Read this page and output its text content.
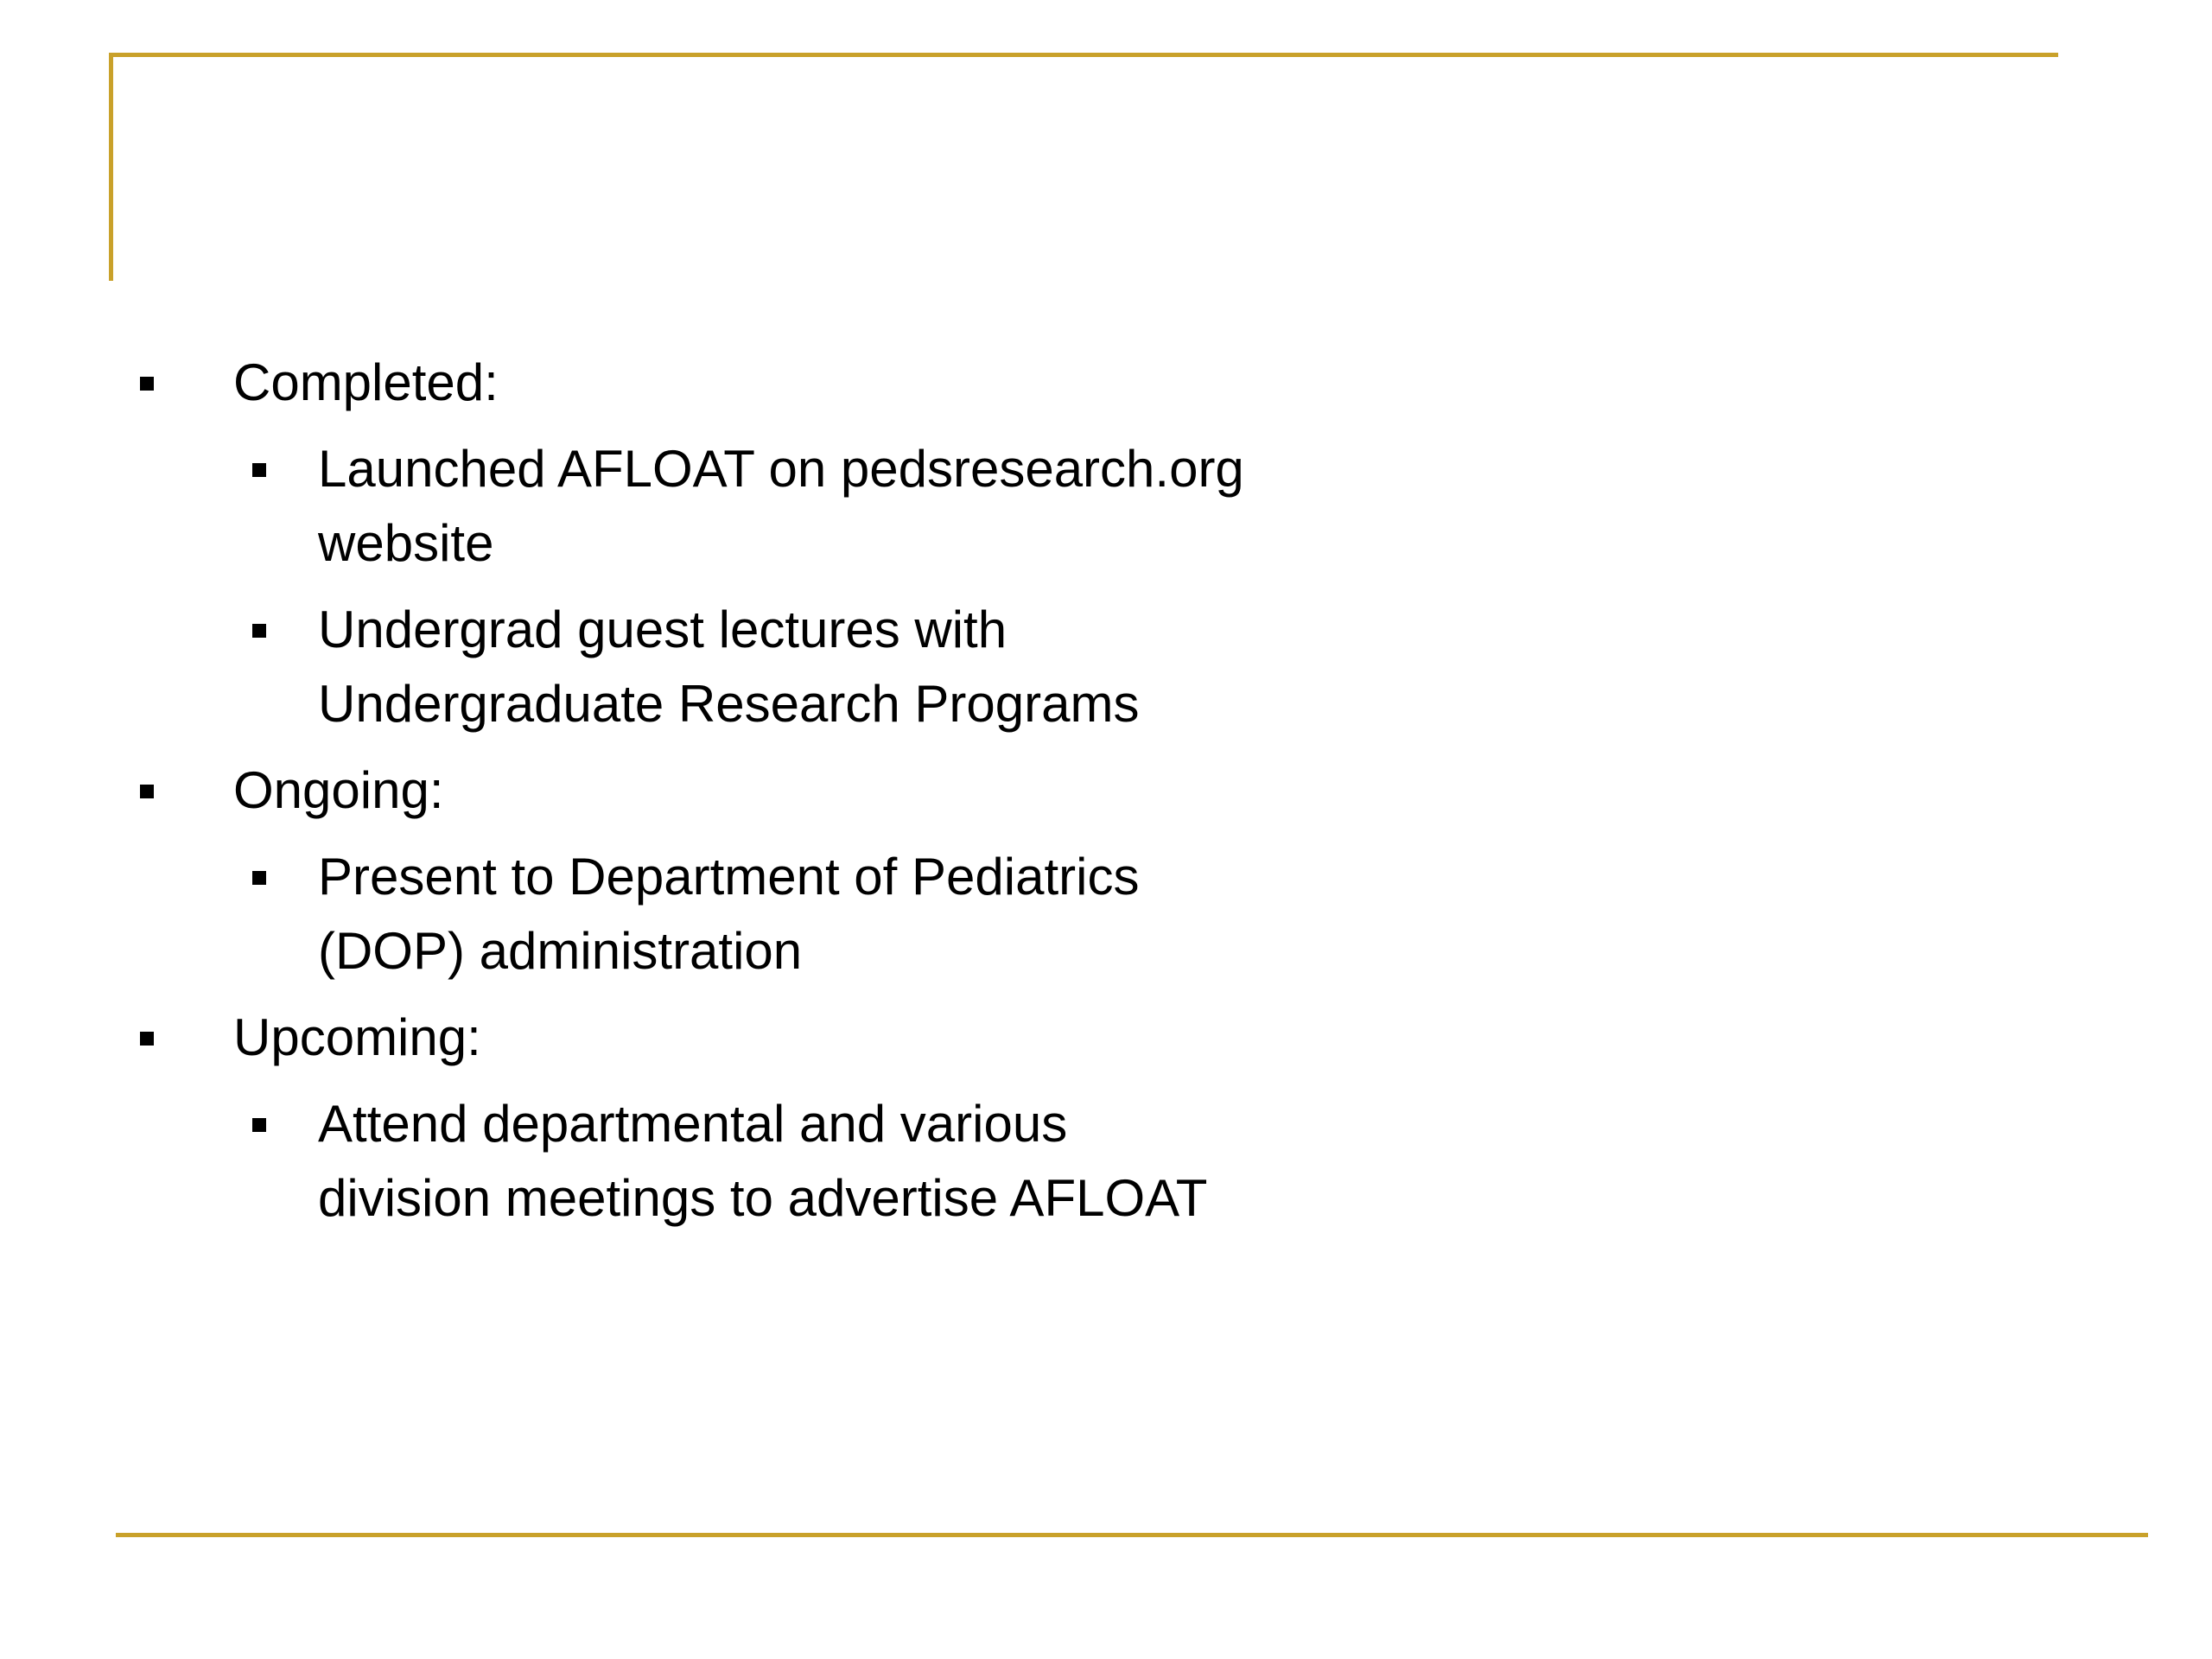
Completed:
Launched AFLOAT on pedsresearch.org website
Undergrad guest lectures with Undergraduate Research Programs
Ongoing:
Present to Department of Pediatrics (DOP) administration
Upcoming:
Attend departmental and various division meetings to advertise AFLOAT
